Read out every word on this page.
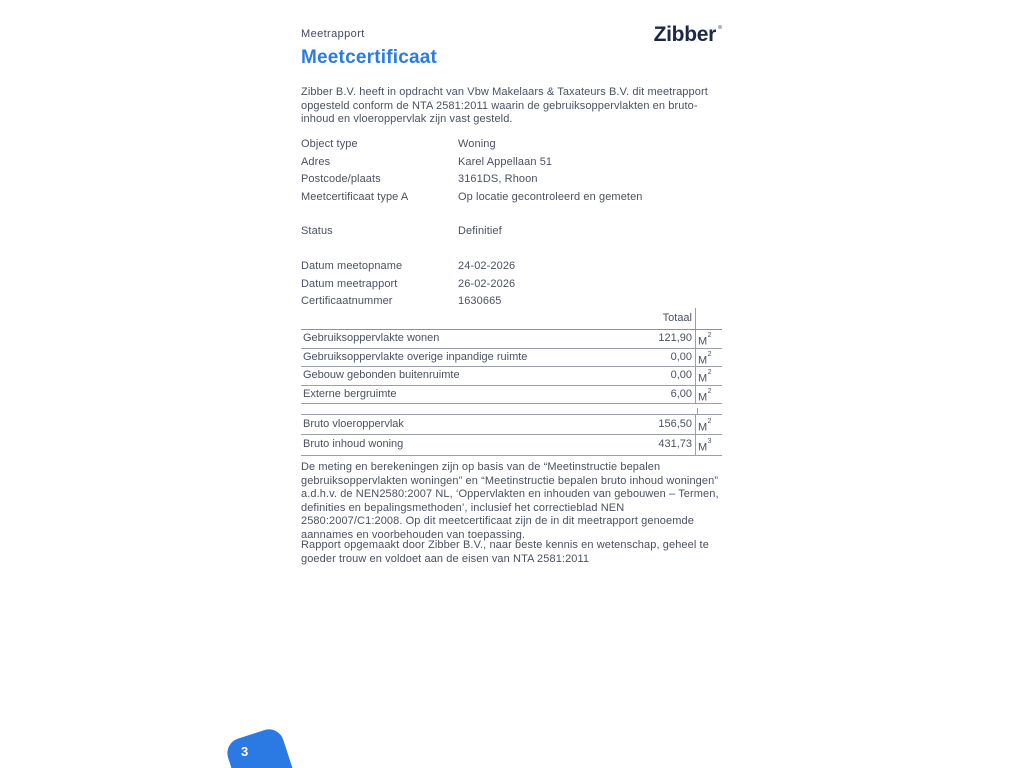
Meetrapport	Zibber
Meetcertificaat
Zibber B.V. heeft in opdracht van Vbw Makelaars & Taxateurs B.V. dit meetrapport opgesteld conform de NTA 2581:2011 waarin de gebruiksoppervlakten en bruto- inhoud en vloeroppervlak zijn vast gesteld.
Object type	Woning
Adres	Karel Appellaan 51
Postcode/plaats	3161DS, Rhoon
Meetcertificaat type A	Op locatie gecontroleerd en gemeten
Status	Definitief
Datum meetopname	24-02-2026
Datum meetrapport	26-02-2026
Certificaatnummer	1630665
Totaal
Gebruiksoppervlakte wonen	121,90 $M^2$
Gebruiksoppervlakte overige inpandige ruimte	0,00 $M^2$
Gebouw gebonden buitenruimte	0,00 $M^2$
Externe bergruimte	6,00 $M^2$
Bruto vloeroppervlak	156,50 $M^2$
Bruto inhoud woning	431,73 $M^3$
De meting en berekeningen zijn op basis van de “Meetinstructie bepalen gebruiksoppervlakten woningen” en “Meetinstructie bepalen bruto inhoud woningen” a.d.h.v. de NEN2580:2007 NL, ‘Oppervlakten en inhouden van gebouwen – Termen, definities en bepalingsmethoden’, inclusief het correctieblad NEN 2580:2007/C1:2008. Op dit meetcertificaat zijn de in dit meetrapport genoemde aannames en voorbehouden van toepassing.
Rapport opgemaakt door Zibber B.V., naar beste kennis en wetenschap, geheel te goeder trouw en voldoet aan de eisen van NTA 2581:2011
3
